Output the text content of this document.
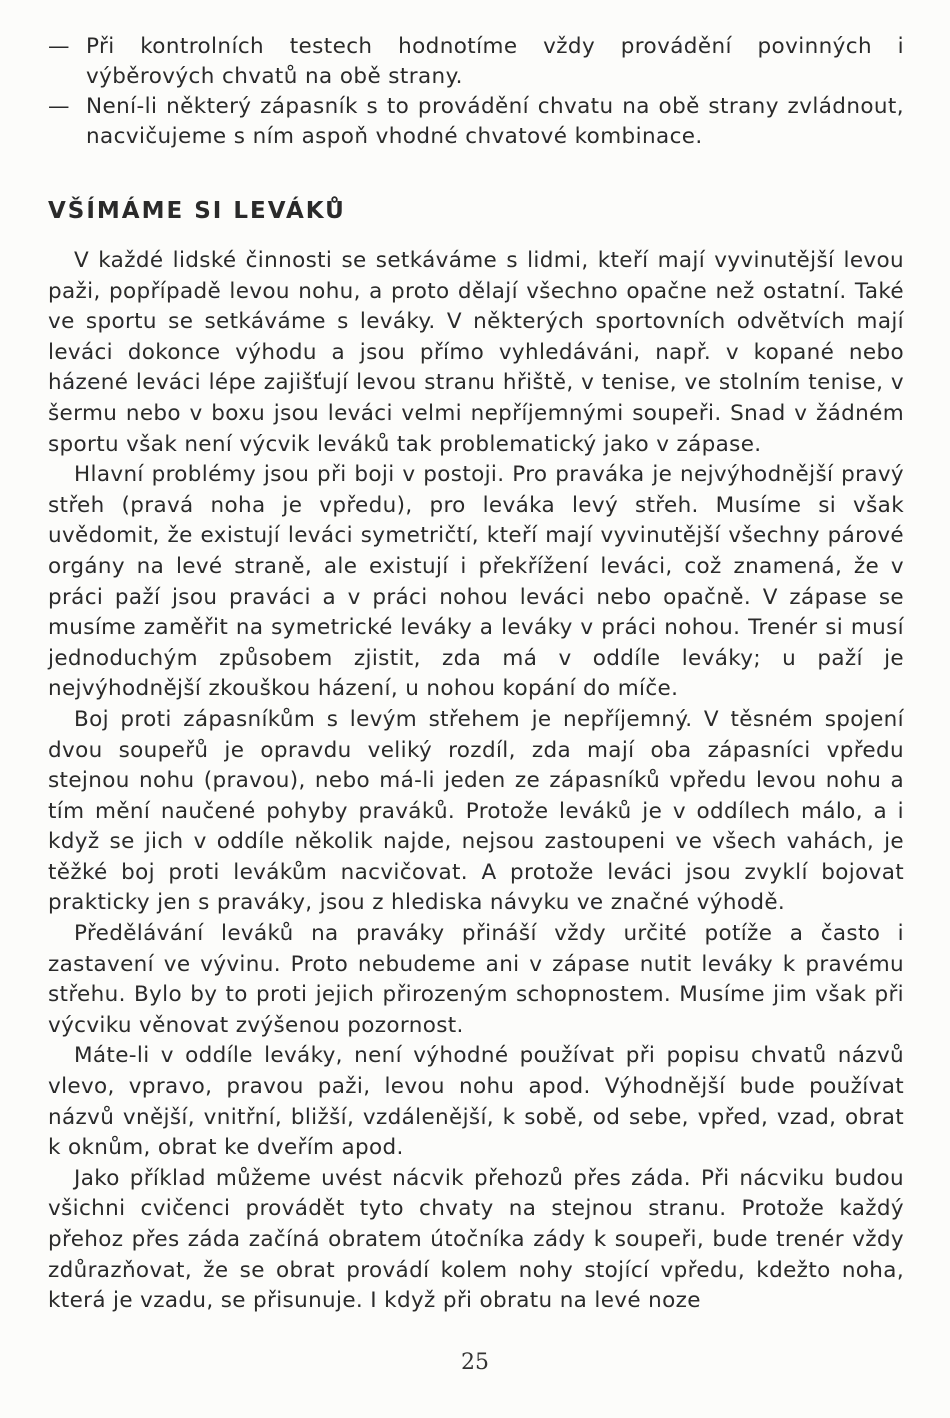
— Při kontrolních testech hodnotíme vždy provádění povinných i výběrových chvatů na obě strany.
— Není-li některý zápasník s to provádění chvatu na obě strany zvládnout, nacvičujeme s ním aspoň vhodné chvatové kombinace.
VŠÍMÁME SI LEVÁKŮ

V každé lidské činnosti se setkáváme s lidmi, kteří mají vyvinutější levou paži, popřípadě levou nohu, a proto dělají všechno opačne než ostatní. Také ve sportu se setkáváme s leváky. V některých sportovních odvětvích mají leváci dokonce výhodu a jsou přímo vyhledáváni, např. v kopané nebo házené leváci lépe zajišťují levou stranu hřiště, v tenise, ve stolním tenise, v šermu nebo v boxu jsou leváci velmi nepříjemnými soupeři. Snad v žádném sportu však není výcvik leváků tak problematický jako v zápase.

Hlavní problémy jsou při boji v postoji. Pro praváka je nejvýhodnější pravý střeh (pravá noha je vpředu), pro leváka levý střeh. Musíme si však uvědomit, že existují leváci symetričtí, kteří mají vyvinutější všechny párové orgány na levé straně, ale existují i překřížení leváci, což znamená, že v práci paží jsou praváci a v práci nohou leváci nebo opačně. V zápase se musíme zaměřit na symetrické leváky a leváky v práci nohou. Trenér si musí jednoduchým způsobem zjistit, zda má v oddíle leváky; u paží je nejvýhodnější zkouškou házení, u nohou kopání do míče.

Boj proti zápasníkům s levým střehem je nepříjemný. V těsném spojení dvou soupeřů je opravdu veliký rozdíl, zda mají oba zápasníci vpředu stejnou nohu (pravou), nebo má-li jeden ze zápasníků vpředu levou nohu a tím mění naučené pohyby praváků. Protože leváků je v oddílech málo, a i když se jich v oddíle několik najde, nejsou zastoupeni ve všech vahách, je těžké boj proti levákům nacvičovat. A protože leváci jsou zvyklí bojovat prakticky jen s praváky, jsou z hlediska návyku ve značné výhodě.

Předělávání leváků na praváky přináší vždy určité potíže a často i zastavení ve vývinu. Proto nebudeme ani v zápase nutit leváky k pravému střehu. Bylo by to proti jejich přirozeným schopnostem. Musíme jim však při výcviku věnovat zvýšenou pozornost.

Máte-li v oddíle leváky, není výhodné používat při popisu chvatů názvů vlevo, vpravo, pravou paži, levou nohu apod. Výhodnější bude používat názvů vnější, vnitřní, bližší, vzdálenější, k sobě, od sebe, vpřed, vzad, obrat k oknům, obrat ke dveřím apod.

Jako příklad můžeme uvést nácvik přehozů přes záda. Při nácviku budou všichni cvičenci provádět tyto chvaty na stejnou stranu. Protože každý přehoz přes záda začíná obratem útočníka zády k soupeři, bude trenér vždy zdůrazňovat, že se obrat provádí kolem nohy stojící vpředu, kdežto noha, která je vzadu, se přisunuje. I když při obratu na levé noze

25
